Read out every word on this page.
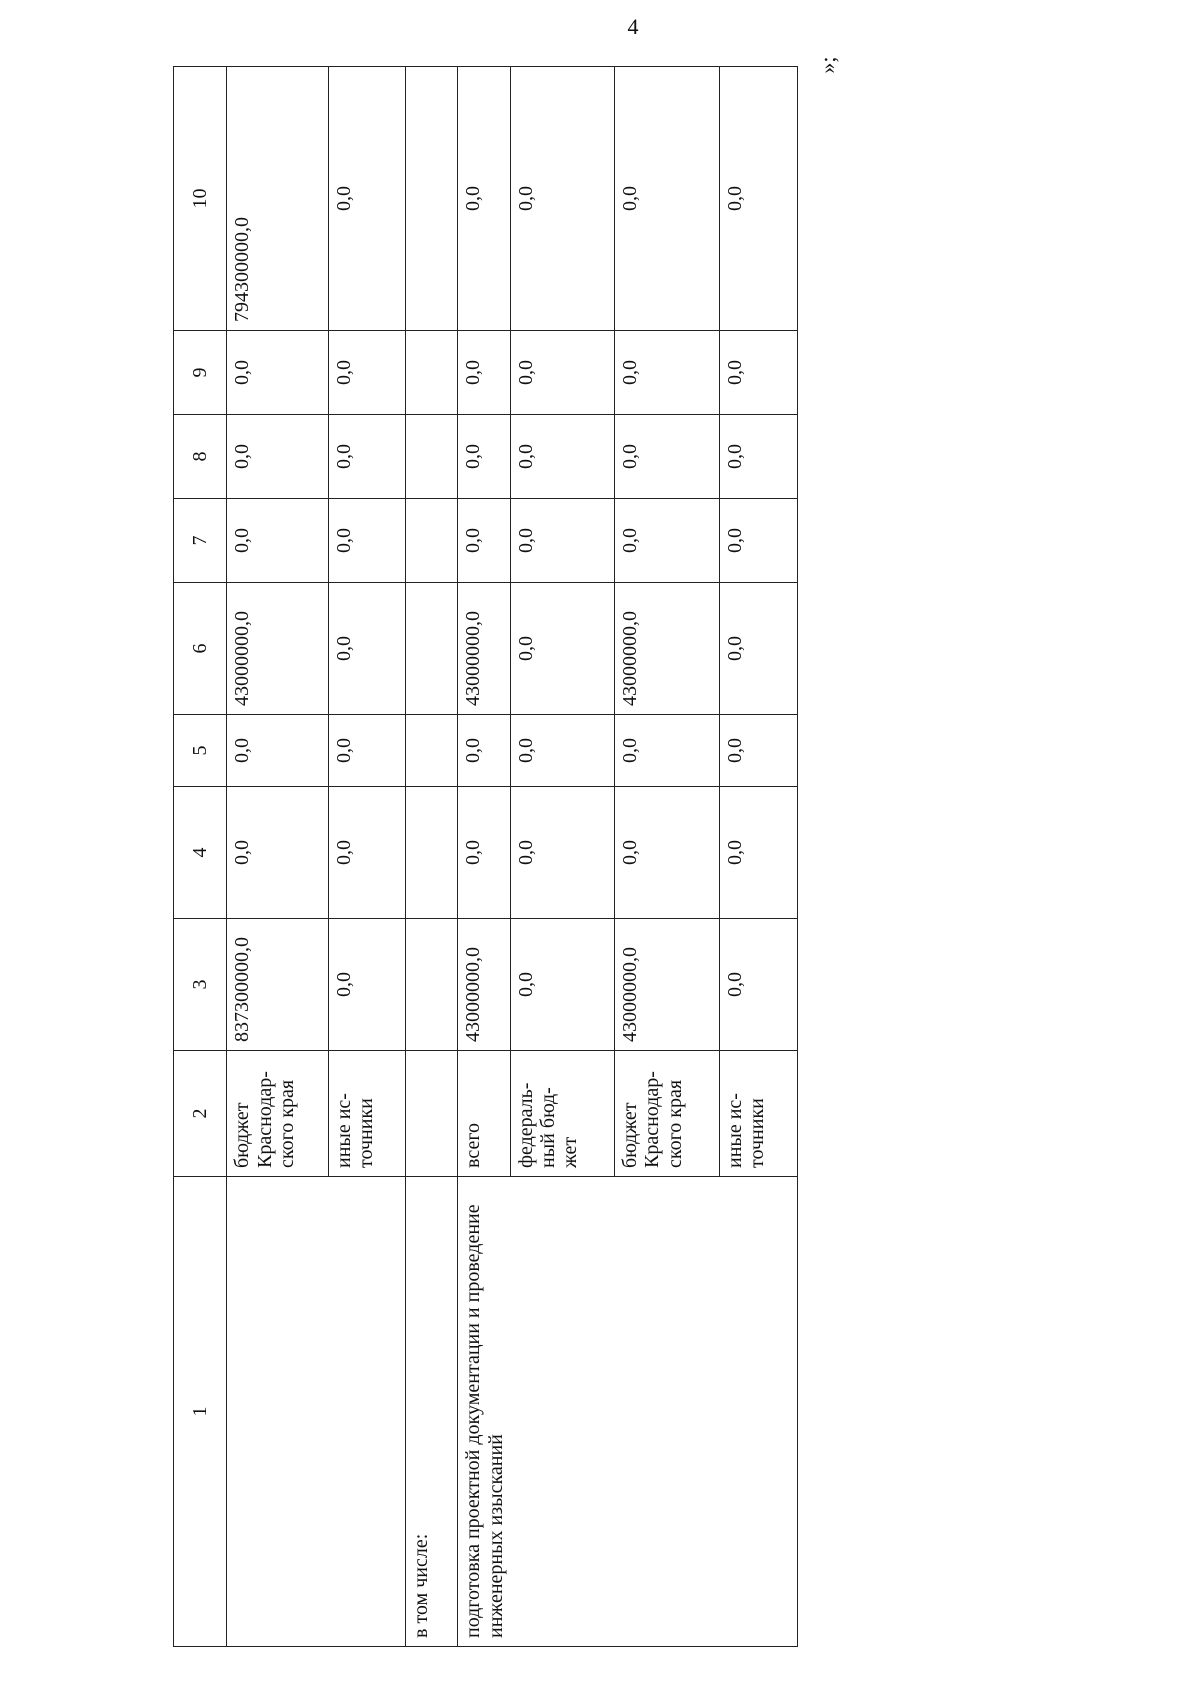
4
»;
1	2	3	4	5	6	7	8	9	10
	бюджет Краснодар-ского края	837300000,0	0,0	0,0	43000000,0	0,0	0,0	0,0	794300000,0
	иные ис-точники	0,0	0,0	0,0	0,0	0,0	0,0	0,0	0,0
в том числе:									
подготовка проектной документации и проведение инженерных изысканий	всего	43000000,0	0,0	0,0	43000000,0	0,0	0,0	0,0	0,0
	федераль-ный бюд-жет	0,0	0,0	0,0	0,0	0,0	0,0	0,0	0,0
	бюджет Краснодар-ского края	43000000,0	0,0	0,0	43000000,0	0,0	0,0	0,0	0,0
	иные ис-точники	0,0	0,0	0,0	0,0	0,0	0,0	0,0	0,0
